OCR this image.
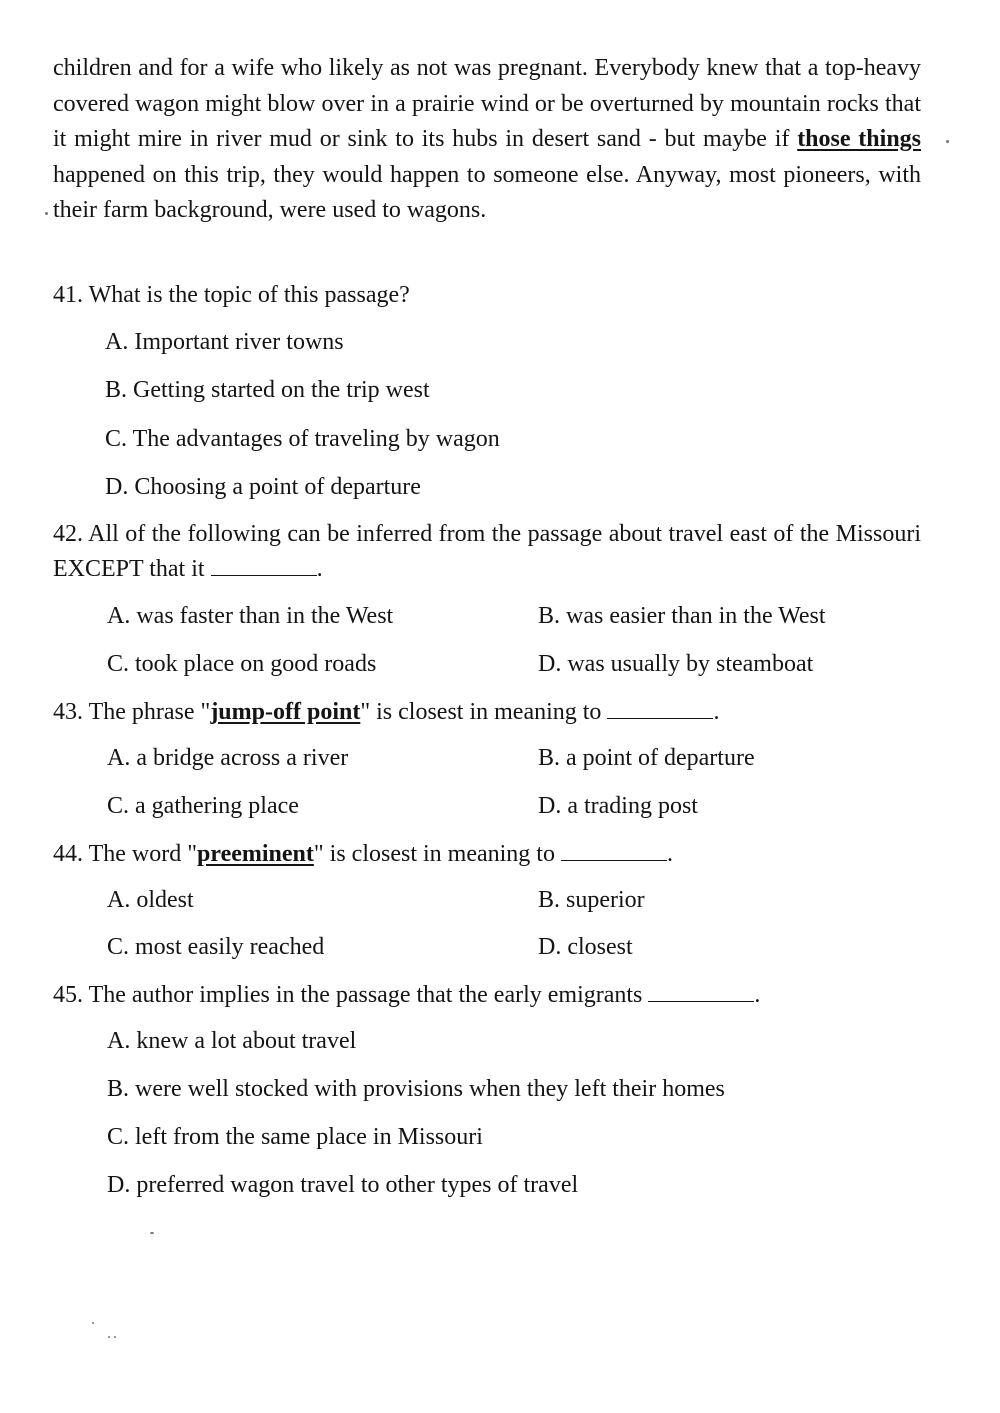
children and for a wife who likely as not was pregnant. Everybody knew that a top-heavy covered wagon might blow over in a prairie wind or be overturned by mountain rocks that it might mire in river mud or sink to its hubs in desert sand - but maybe if those things happened on this trip, they would happen to someone else. Anyway, most pioneers, with their farm background, were used to wagons.

41. What is the topic of this passage?
A. Important river towns
B. Getting started on the trip west
C. The advantages of traveling by wagon
D. Choosing a point of departure
42. All of the following can be inferred from the passage about travel east of the Missouri EXCEPT that it	.
A. was faster than in the West	B. was easier than in the West
C. took place on good roads	D. was usually by steamboat
43. The phrase "jump-off point" is closest in meaning to	.
A. a bridge across a river	B. a point of departure
C. a gathering place	D. a trading post
44. The word "preeminent" is closest in meaning to	.
A. oldest	B. superior
C. most easily reached	D. closest
45. The author implies in the passage that the early emigrants	.
A. knew a lot about travel
B. were well stocked with provisions when they left their homes
C. left from the same place in Missouri
D. preferred wagon travel to other types of travel
